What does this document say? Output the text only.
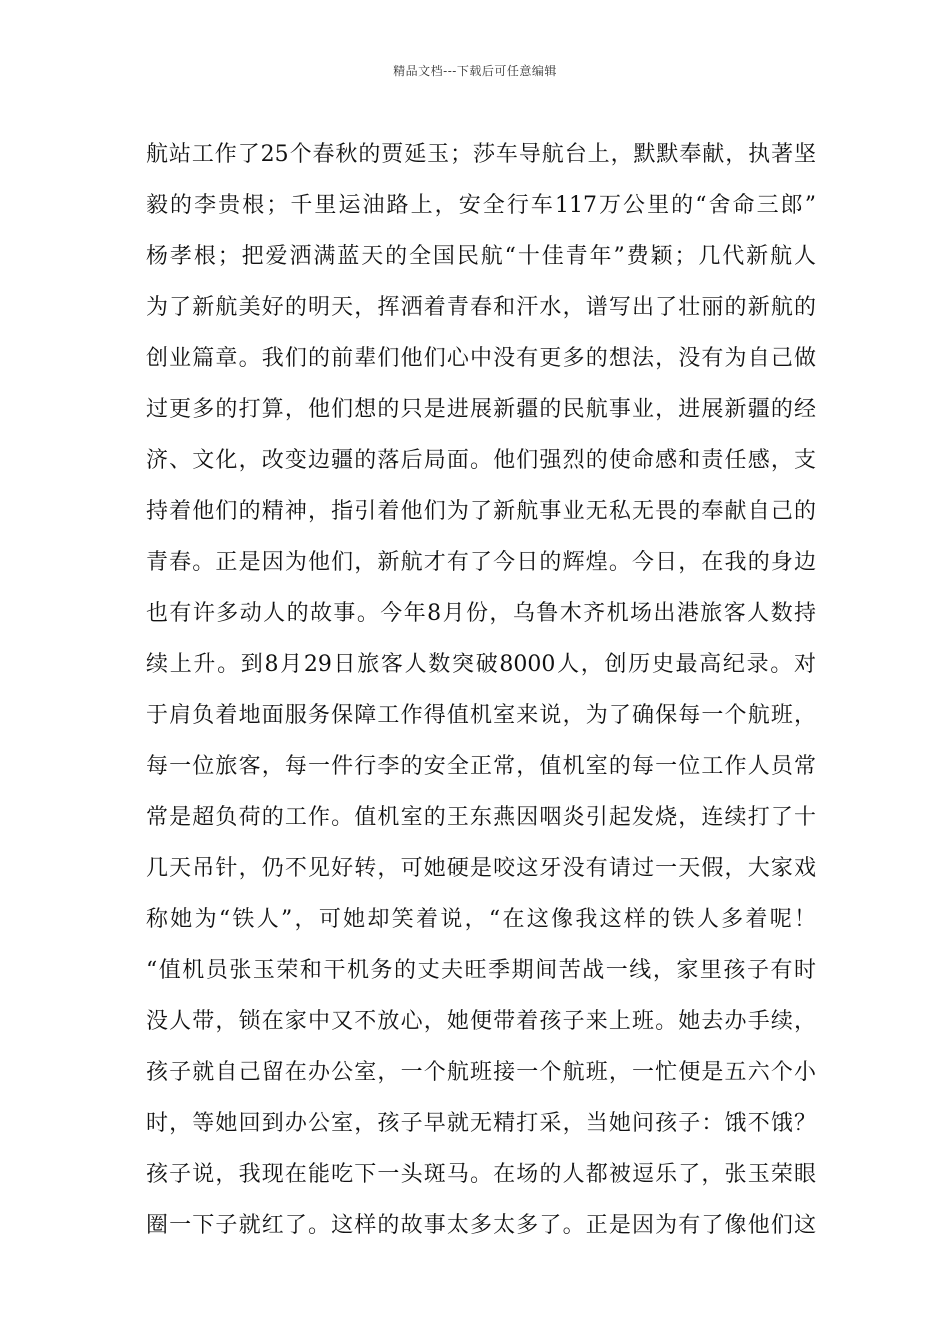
精品文档---下载后可任意编辑
航站工作了25个春秋的贾延玉；莎车导航台上，默默奉献，执著坚
毅的李贵根；千里运油路上，安全行车117万公里的“舍命三郎”
杨孝根；把爱洒满蓝天的全国民航“十佳青年”费颖；几代新航人
为了新航美好的明天，挥洒着青春和汗水，谱写出了壮丽的新航的
创业篇章。我们的前辈们他们心中没有更多的想法，没有为自己做
过更多的打算，他们想的只是进展新疆的民航事业，进展新疆的经
济、文化，改变边疆的落后局面。他们强烈的使命感和责任感，支
持着他们的精神，指引着他们为了新航事业无私无畏的奉献自己的
青春。正是因为他们，新航才有了今日的辉煌。今日，在我的身边
也有许多动人的故事。今年8月份，乌鲁木齐机场出港旅客人数持
续上升。到8月29日旅客人数突破8000人，创历史最高纪录。对
于肩负着地面服务保障工作得值机室来说，为了确保每一个航班，
每一位旅客，每一件行李的安全正常，值机室的每一位工作人员常
常是超负荷的工作。值机室的王东燕因咽炎引起发烧，连续打了十
几天吊针，仍不见好转，可她硬是咬这牙没有请过一天假，大家戏
称她为“铁人”，可她却笑着说，“在这像我这样的铁人多着呢！
“值机员张玉荣和干机务的丈夫旺季期间苦战一线，家里孩子有时
没人带，锁在家中又不放心，她便带着孩子来上班。她去办手续，
孩子就自己留在办公室，一个航班接一个航班，一忙便是五六个小
时，等她回到办公室，孩子早就无精打采，当她问孩子：饿不饿？
孩子说，我现在能吃下一头斑马。在场的人都被逗乐了，张玉荣眼
圈一下子就红了。这样的故事太多太多了。正是因为有了像他们这
